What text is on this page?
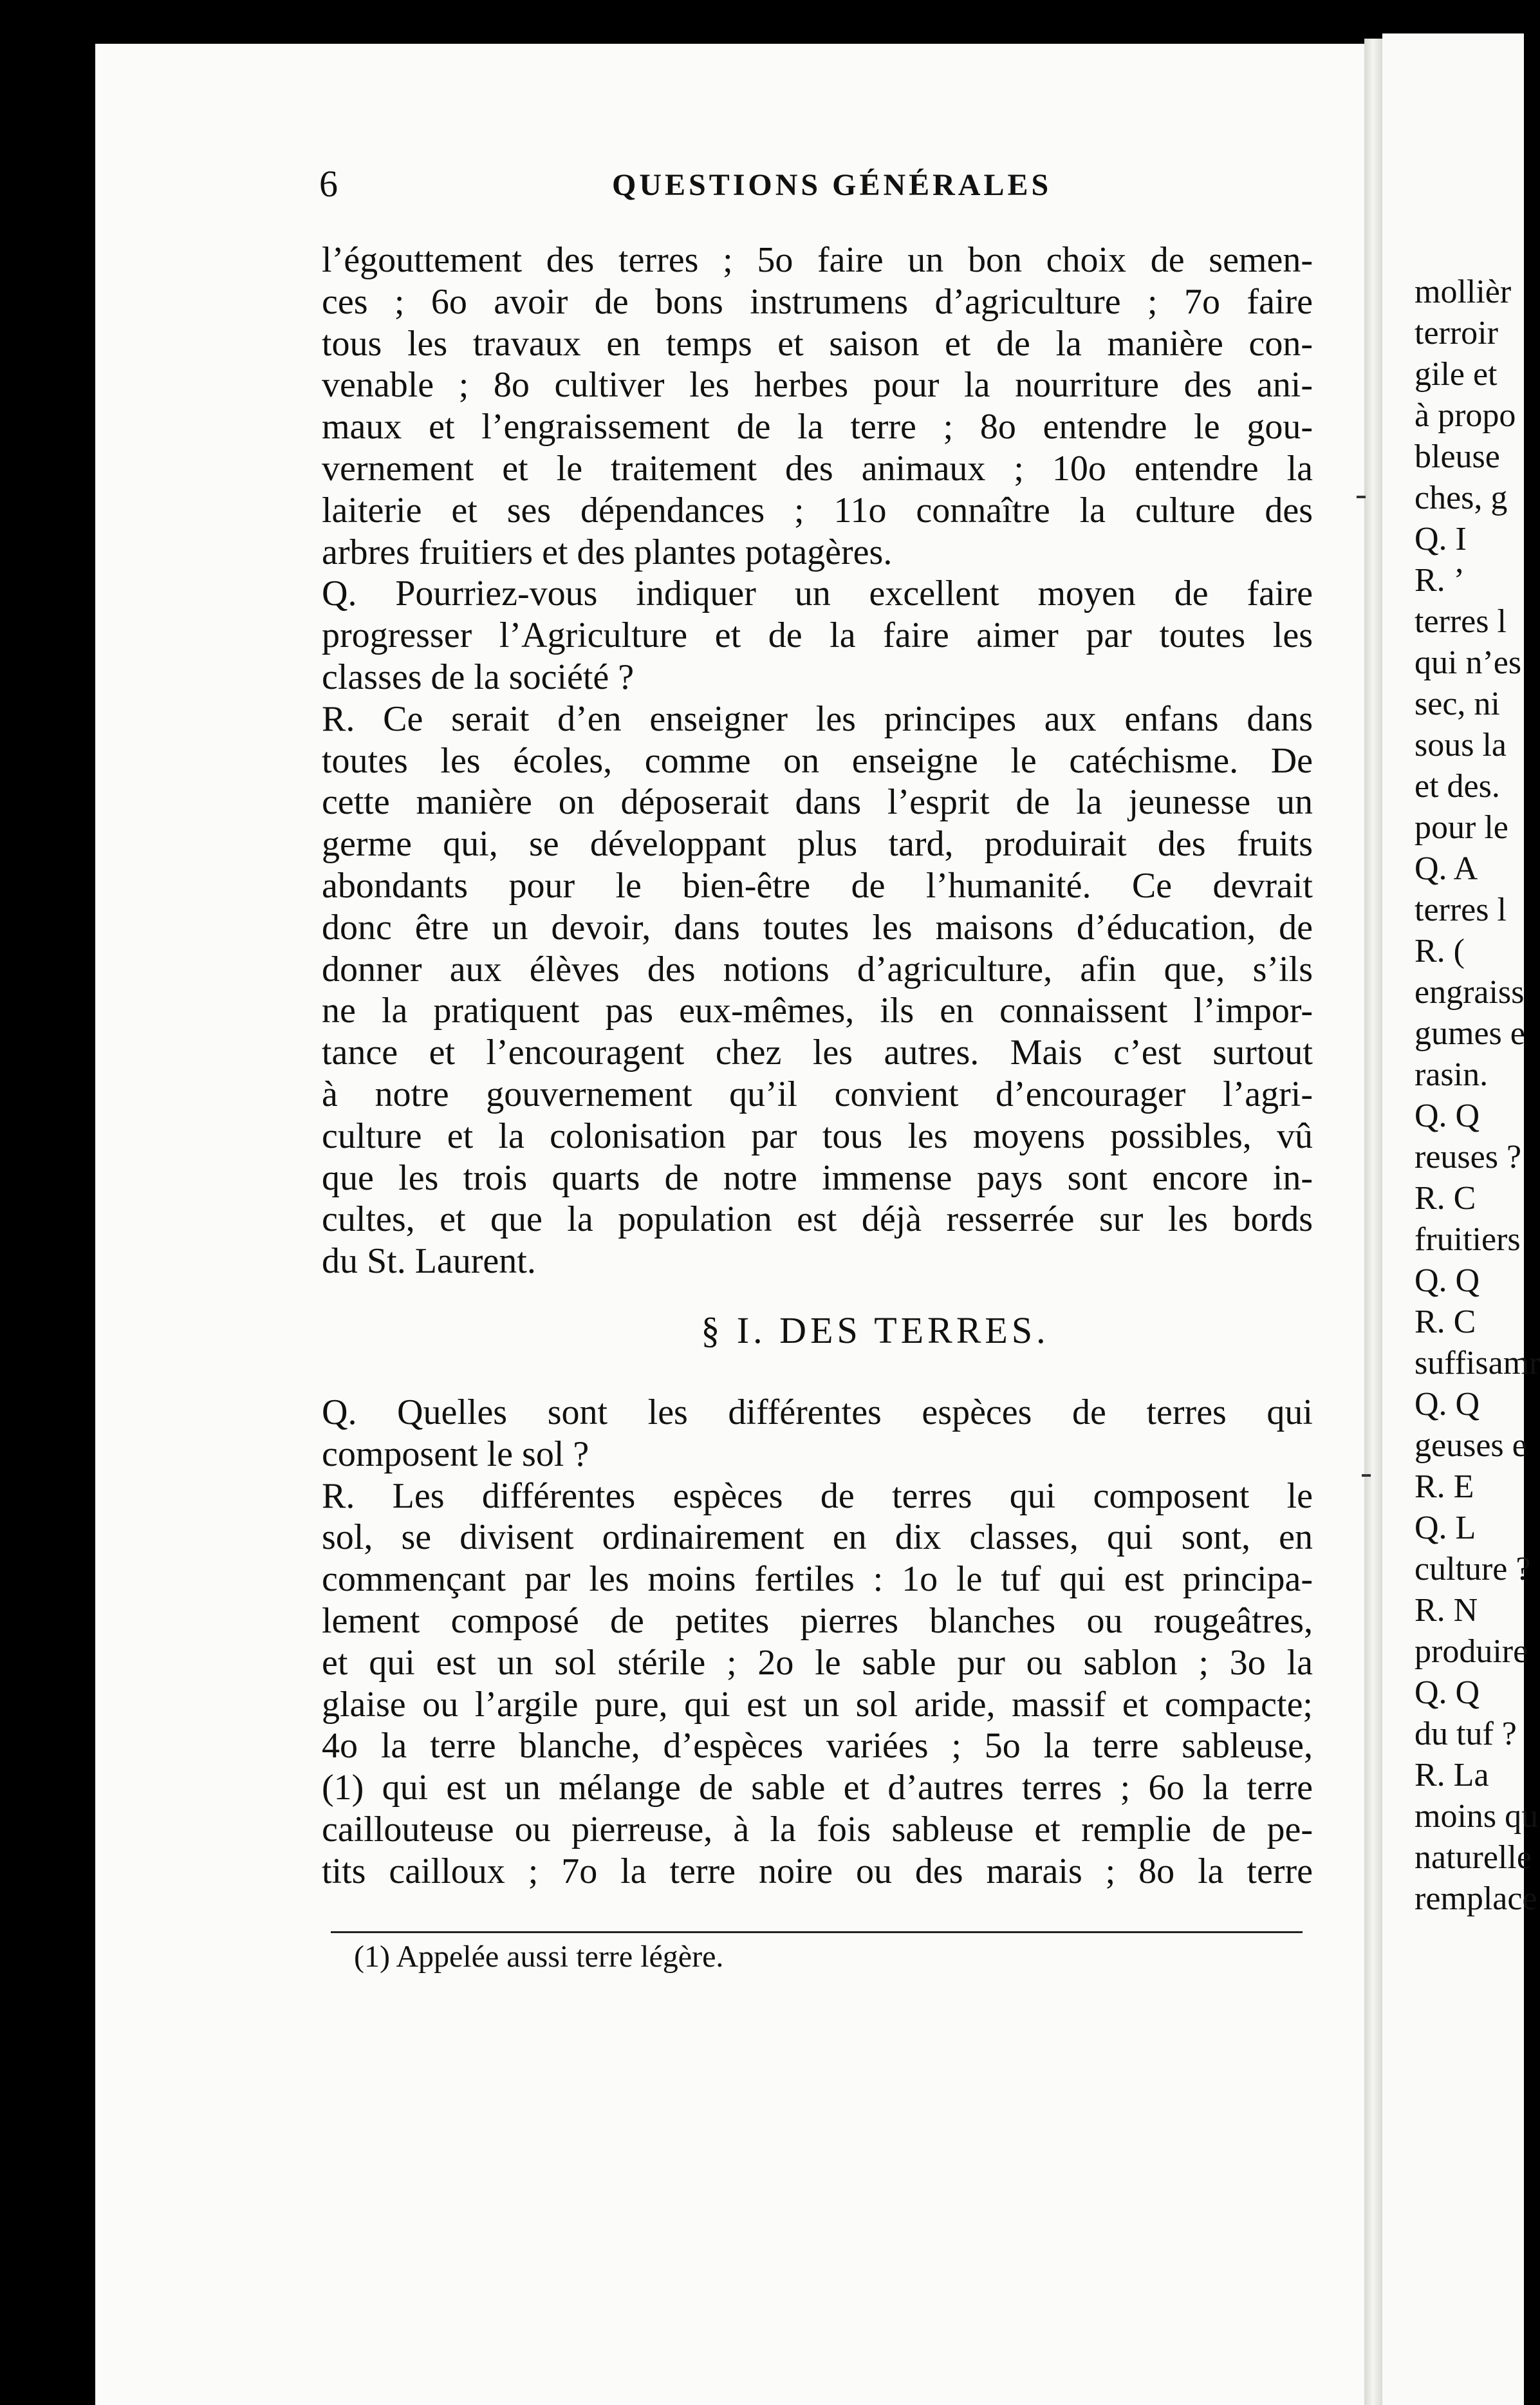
mollièr
terroir
gile et
à propo
bleuse
ches, g
Q. I
R. ’
terres l
qui n’es
sec, ni
sous la
et des.
pour le
Q. A
terres l
R. (
engraiss
gumes e
rasin.
Q. Q
reuses ?
R. C
fruitiers
Q. Q
R. C
suffisamr
Q. Q
geuses e
R. E
Q. L
culture ?
R. N
produire
Q. Q
du tuf ?
R. La
moins qu
naturelle
remplace
6	QUESTIONS GÉNÉRALES
l’égouttement des terres ; 5o faire un bon choix de semen-
ces ; 6o avoir de bons instrumens d’agriculture ; 7o faire
tous les travaux en temps et saison et de la manière con-
venable ; 8o cultiver les herbes pour la nourriture des ani-
maux et l’engraissement de la terre ; 8o entendre le gou-
vernement et le traitement des animaux ; 10o entendre la
laiterie et ses dépendances ; 11o connaître la culture des
arbres fruitiers et des plantes potagères.
Q. Pourriez-vous indiquer un excellent moyen de faire
progresser l’Agriculture et de la faire aimer par toutes les
classes de la société ?
R. Ce serait d’en enseigner les principes aux enfans dans
toutes les écoles, comme on enseigne le catéchisme. De
cette manière on déposerait dans l’esprit de la jeunesse un
germe qui, se développant plus tard, produirait des fruits
abondants pour le bien-être de l’humanité. Ce devrait
donc être un devoir, dans toutes les maisons d’éducation, de
donner aux élèves des notions d’agriculture, afin que, s’ils
ne la pratiquent pas eux-mêmes, ils en connaissent l’impor-
tance et l’encouragent chez les autres. Mais c’est surtout
à notre gouvernement qu’il convient d’encourager l’agri-
culture et la colonisation par tous les moyens possibles, vû
que les trois quarts de notre immense pays sont encore in-
cultes, et que la population est déjà resserrée sur les bords
du St. Laurent.
§ I. DES TERRES.
Q. Quelles sont les différentes espèces de terres qui
composent le sol ?
R. Les différentes espèces de terres qui composent le
sol, se divisent ordinairement en dix classes, qui sont, en
commençant par les moins fertiles : 1o le tuf qui est principa-
lement composé de petites pierres blanches ou rougeâtres,
et qui est un sol stérile ; 2o le sable pur ou sablon ; 3o la
glaise ou l’argile pure, qui est un sol aride, massif et compacte;
4o la terre blanche, d’espèces variées ; 5o la terre sableuse,
(1) qui est un mélange de sable et d’autres terres ; 6o la terre
caillouteuse ou pierreuse, à la fois sableuse et remplie de pe-
tits cailloux ; 7o la terre noire ou des marais ; 8o la terre
(1) Appelée aussi terre légère.
